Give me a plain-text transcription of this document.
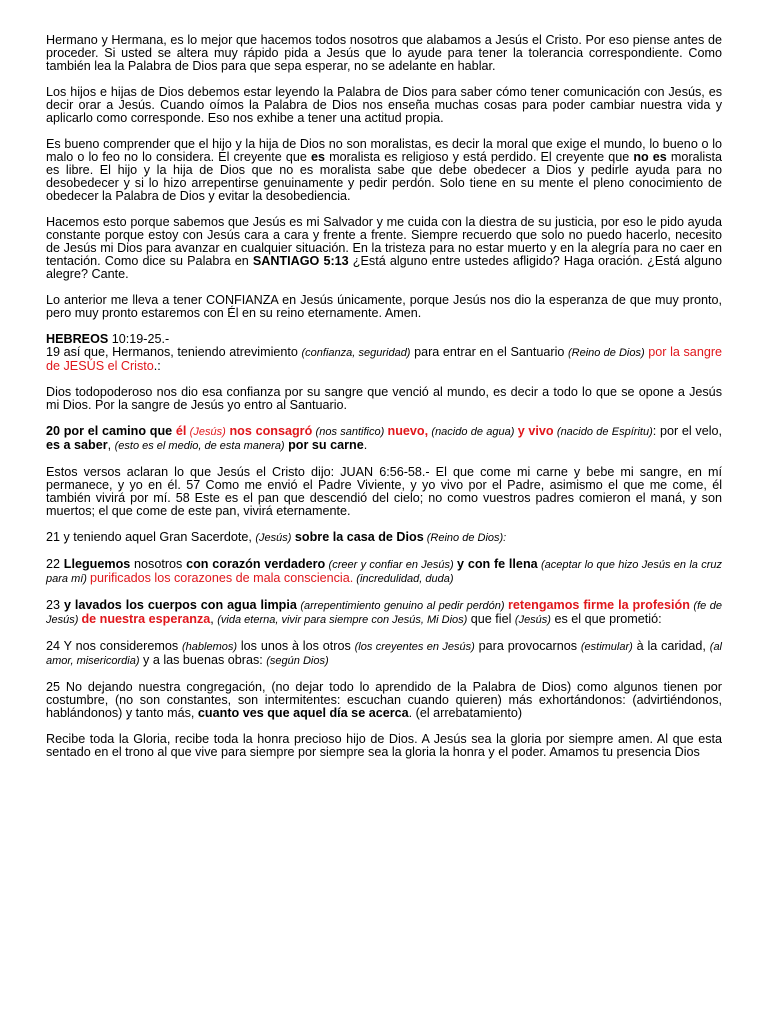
Hermano y Hermana, es lo mejor que hacemos todos nosotros que alabamos a Jesús el Cristo. Por eso piense antes de proceder. Si usted se altera muy rápido pida a Jesús que lo ayude para tener la tolerancia correspondiente. Como también lea la Palabra de Dios para que sepa esperar, no se adelante en hablar.

Los hijos e hijas de Dios debemos estar leyendo la Palabra de Dios para saber cómo tener comunicación con Jesús, es decir orar a Jesús. Cuando oímos la Palabra de Dios nos enseña muchas cosas para poder cambiar nuestra vida y aplicarlo como corresponde. Eso nos exhibe a tener una actitud propia.

Es bueno comprender que el hijo y la hija de Dios no son moralistas, es decir la moral que exige el mundo, lo bueno o lo malo o lo feo no lo considera. El creyente que es moralista es religioso y está perdido. El creyente que no es moralista es libre. El hijo y la hija de Dios que no es moralista sabe que debe obedecer a Dios y pedirle ayuda para no desobedecer y si lo hizo arrepentirse genuinamente y pedir perdón. Solo tiene en su mente el pleno conocimiento de obedecer la Palabra de Dios y evitar la desobediencia.

Hacemos esto porque sabemos que Jesús es mi Salvador y me cuida con la diestra de su justicia, por eso le pido ayuda constante porque estoy con Jesús cara a cara y frente a frente. Siempre recuerdo que solo no puedo hacerlo, necesito de Jesús mi Dios para avanzar en cualquier situación. En la tristeza para no estar muerto y en la alegría para no caer en tentación. Como dice su Palabra en SANTIAGO 5:13 ¿Está alguno entre ustedes afligido? Haga oración. ¿Está alguno alegre? Cante.

Lo anterior me lleva a tener CONFIANZA en Jesús únicamente, porque Jesús nos dio la esperanza de que muy pronto, pero muy pronto estaremos con Él en su reino eternamente. Amen.

HEBREOS 10:19-25.-
19 así que, Hermanos, teniendo atrevimiento (confianza, seguridad) para entrar en el Santuario (Reino de Dios) por la sangre de JESÚS el Cristo.:

Dios todopoderoso nos dio esa confianza por su sangre que venció al mundo, es decir a todo lo que se opone a Jesús mi Dios. Por la sangre de Jesús yo entro al Santuario.

20 por el camino que él (Jesús) nos consagró (nos santifico) nuevo, (nacido de agua) y vivo (nacido de Espíritu): por el velo, es a saber, (esto es el medio, de esta manera) por su carne.

Estos versos aclaran lo que Jesús el Cristo dijo: JUAN 6:56-58.- El que come mi carne y bebe mi sangre, en mí permanece, y yo en él. 57 Como me envió el Padre Viviente, y yo vivo por el Padre, asimismo el que me come, él también vivirá por mí. 58 Este es el pan que descendió del cielo; no como vuestros padres comieron el maná, y son muertos; el que come de este pan, vivirá eternamente.

21 y teniendo aquel Gran Sacerdote, (Jesús) sobre la casa de Dios (Reino de Dios):

22 Lleguemos nosotros con corazón verdadero (creer y confiar en Jesús) y con fe llena (aceptar lo que hizo Jesús en la cruz para mí) purificados los corazones de mala consciencia. (incredulidad, duda)

23 y lavados los cuerpos con agua limpia (arrepentimiento genuino al pedir perdón) retengamos firme la profesión (fe de Jesús) de nuestra esperanza, (vida eterna, vivir para siempre con Jesús, Mi Dios) que fiel (Jesús) es el que prometió:

24 Y nos consideremos (hablemos) los unos à los otros (los creyentes en Jesús) para provocarnos (estimular) à la caridad, (al amor, misericordia) y a las buenas obras: (según Dios)

25 No dejando nuestra congregación, (no dejar todo lo aprendido de la Palabra de Dios) como algunos tienen por costumbre, (no son constantes, son intermitentes: escuchan cuando quieren) más exhortándonos: (advirtiéndonos, hablándonos) y tanto más, cuanto ves que aquel día se acerca. (el arrebatamiento)

Recibe toda la Gloria, recibe toda la honra precioso hijo de Dios. A Jesús sea la gloria por siempre amen. Al que esta sentado en el trono al que vive para siempre por siempre sea la gloria la honra y el poder. Amamos tu presencia Dios
